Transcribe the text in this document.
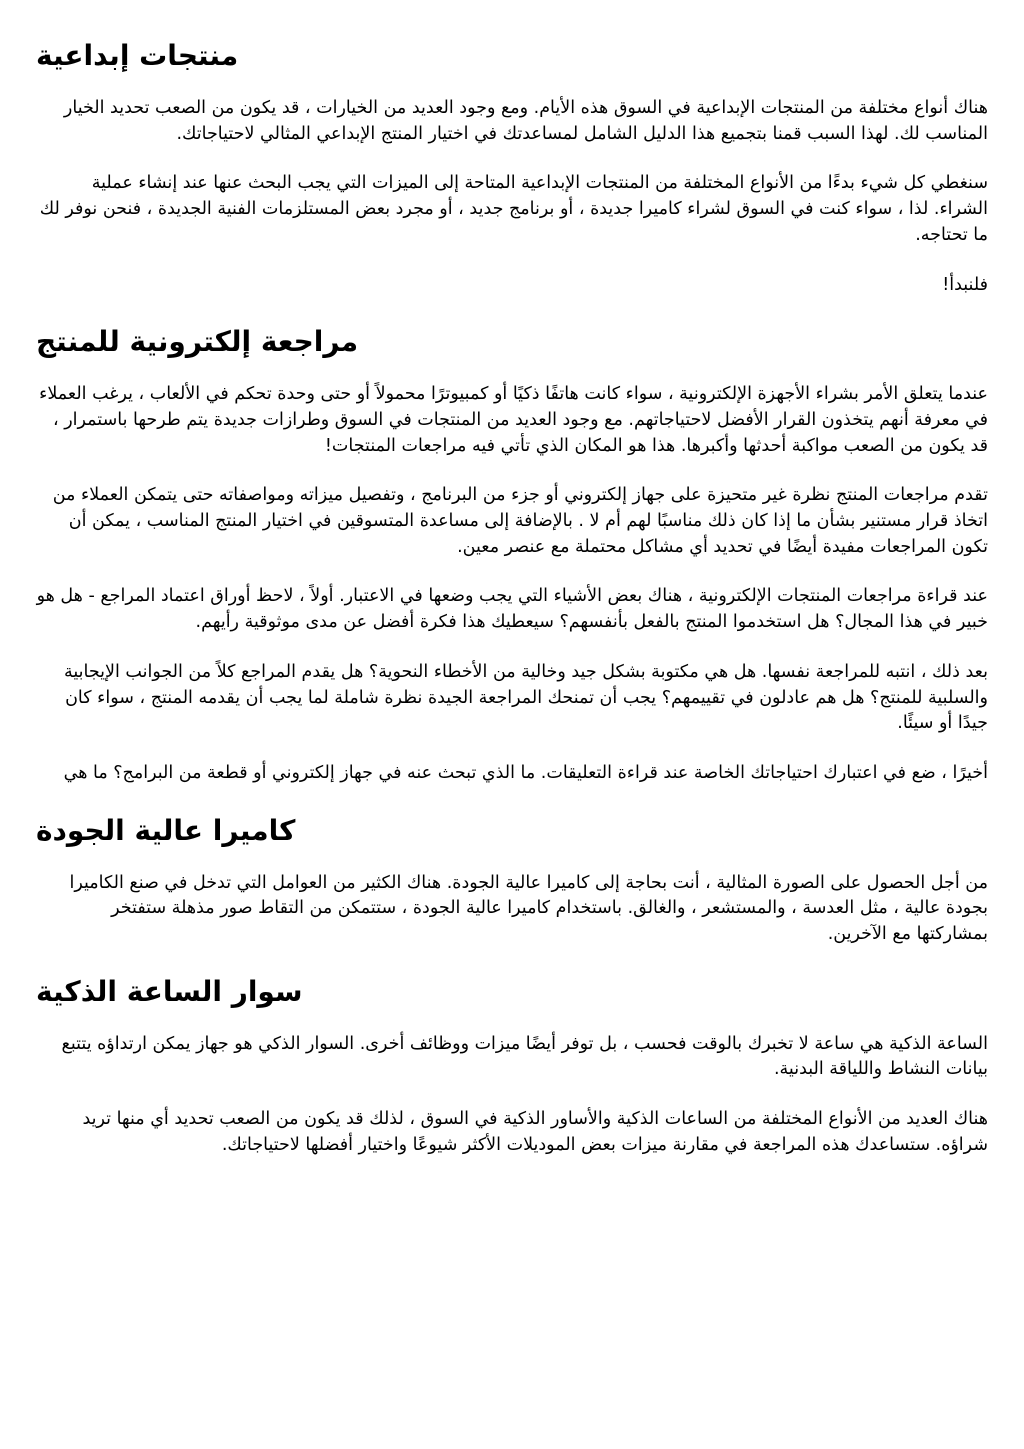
منتجات إبداعية

هناك أنواع مختلفة من المنتجات الإبداعية في السوق هذه الأيام. ومع وجود العديد من الخيارات ، قد يكون من الصعب تحديد الخيار المناسب لك. لهذا السبب قمنا بتجميع هذا الدليل الشامل لمساعدتك في اختيار المنتج الإبداعي المثالي لاحتياجاتك.

سنغطي كل شيء بدءًا من الأنواع المختلفة من المنتجات الإبداعية المتاحة إلى الميزات التي يجب البحث عنها عند إنشاء عملية الشراء. لذا ، سواء كنت في السوق لشراء كاميرا جديدة ، أو برنامج جديد ، أو مجرد بعض المستلزمات الفنية الجديدة ، فنحن نوفر لك ما تحتاجه.

فلنبدأ!

مراجعة إلكترونية للمنتج

عندما يتعلق الأمر بشراء الأجهزة الإلكترونية ، سواء كانت هاتفًا ذكيًا أو كمبيوترًا محمولاً أو حتى وحدة تحكم في الألعاب ، يرغب العملاء في معرفة أنهم يتخذون القرار الأفضل لاحتياجاتهم. مع وجود العديد من المنتجات في السوق وطرازات جديدة يتم طرحها باستمرار ، قد يكون من الصعب مواكبة أحدثها وأكبرها. هذا هو المكان الذي تأتي فيه مراجعات المنتجات!

تقدم مراجعات المنتج نظرة غير متحيزة على جهاز إلكتروني أو جزء من البرنامج ، وتفصيل ميزاته ومواصفاته حتى يتمكن العملاء من اتخاذ قرار مستنير بشأن ما إذا كان ذلك مناسبًا لهم أم لا . بالإضافة إلى مساعدة المتسوقين في اختيار المنتج المناسب ، يمكن أن تكون المراجعات مفيدة أيضًا في تحديد أي مشاكل محتملة مع عنصر معين.

عند قراءة مراجعات المنتجات الإلكترونية ، هناك بعض الأشياء التي يجب وضعها في الاعتبار. أولاً ، لاحظ أوراق اعتماد المراجع - هل هو خبير في هذا المجال؟ هل استخدموا المنتج بالفعل بأنفسهم؟ سيعطيك هذا فكرة أفضل عن مدى موثوقية رأيهم.

بعد ذلك ، انتبه للمراجعة نفسها. هل هي مكتوبة بشكل جيد وخالية من الأخطاء النحوية؟ هل يقدم المراجع كلاً من الجوانب الإيجابية والسلبية للمنتج؟ هل هم عادلون في تقييمهم؟ يجب أن تمنحك المراجعة الجيدة نظرة شاملة لما يجب أن يقدمه المنتج ، سواء كان جيدًا أو سيئًا.

أخيرًا ، ضع في اعتبارك احتياجاتك الخاصة عند قراءة التعليقات. ما الذي تبحث عنه في جهاز إلكتروني أو قطعة من البرامج؟ ما هي

كاميرا عالية الجودة

من أجل الحصول على الصورة المثالية ، أنت بحاجة إلى كاميرا عالية الجودة. هناك الكثير من العوامل التي تدخل في صنع الكاميرا بجودة عالية ، مثل العدسة ، والمستشعر ، والغالق. باستخدام كاميرا عالية الجودة ، ستتمكن من التقاط صور مذهلة ستفتخر بمشاركتها مع الآخرين.

سوار الساعة الذكية

الساعة الذكية هي ساعة لا تخبرك بالوقت فحسب ، بل توفر أيضًا ميزات ووظائف أخرى. السوار الذكي هو جهاز يمكن ارتداؤه يتتبع بيانات النشاط واللياقة البدنية.

هناك العديد من الأنواع المختلفة من الساعات الذكية والأساور الذكية في السوق ، لذلك قد يكون من الصعب تحديد أي منها تريد شراؤه. ستساعدك هذه المراجعة في مقارنة ميزات بعض الموديلات الأكثر شيوعًا واختيار أفضلها لاحتياجاتك.
